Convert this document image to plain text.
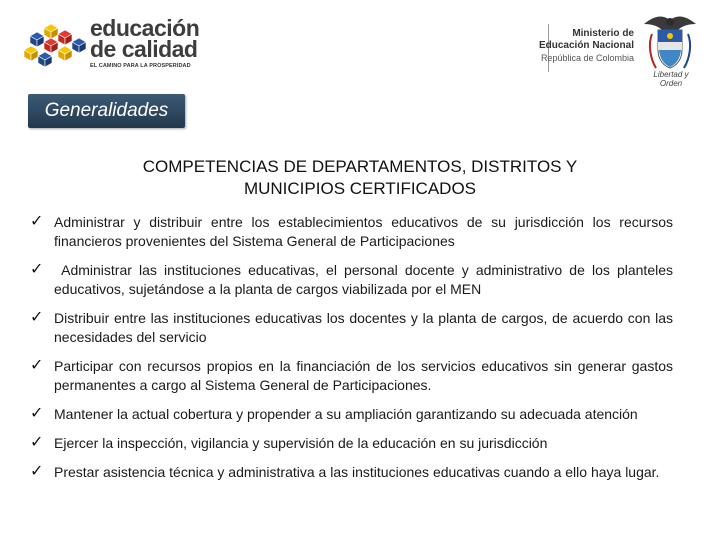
educación
de calidad
EL CAMINO PARA LA PROSPERIDAD
Ministerio de
Educación Nacional
República de Colombia
Libertad y Orden
Generalidades
COMPETENCIAS DE DEPARTAMENTOS, DISTRITOS Y
MUNICIPIOS CERTIFICADOS
✓ Administrar y distribuir entre los establecimientos educativos de su jurisdicción los recursos financieros provenientes del Sistema General de Participaciones
✓ Administrar las instituciones educativas, el personal docente y administrativo de los planteles educativos, sujetándose a la planta de cargos viabilizada por el MEN
✓ Distribuir entre las instituciones educativas los docentes y la planta de cargos, de acuerdo con las necesidades del servicio
✓ Participar con recursos propios en la financiación de los servicios educativos sin generar gastos permanentes a cargo al Sistema General de Participaciones.
✓ Mantener la actual cobertura y propender a su ampliación garantizando su adecuada atención
✓ Ejercer la inspección, vigilancia y supervisión de la educación en su jurisdicción
✓ Prestar asistencia técnica y administrativa a las instituciones educativas cuando a ello haya lugar.
